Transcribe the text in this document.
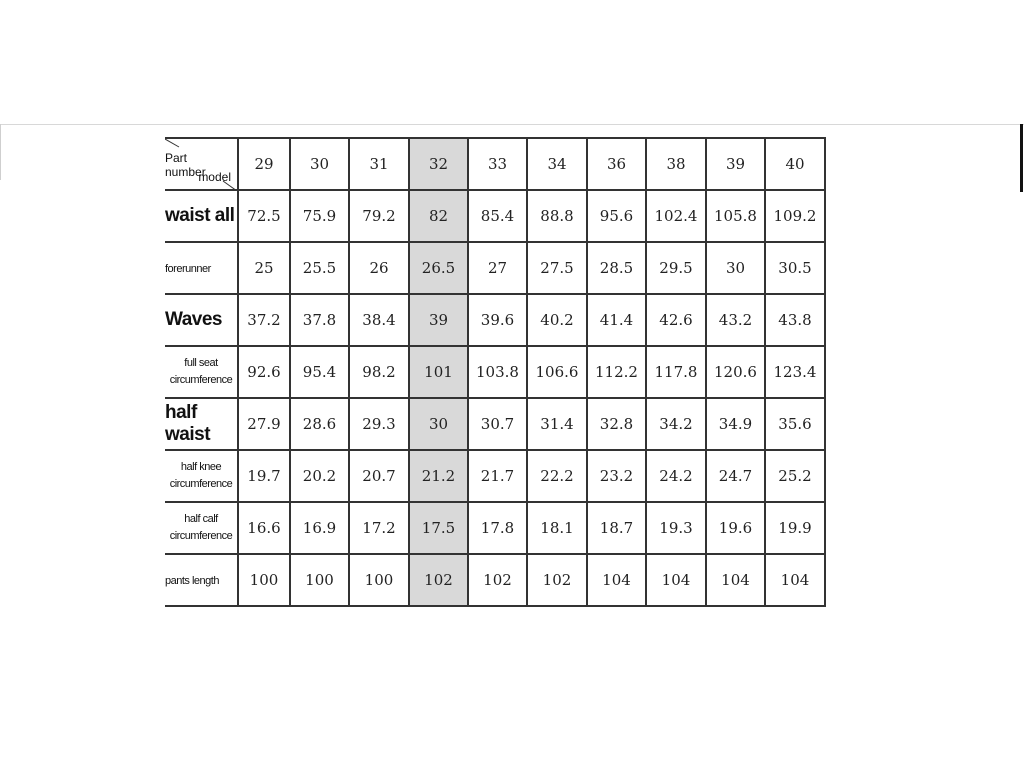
Part number
model	29	30	31	32	33	34	36	38	39	40
waist all	72.5	75.9	79.2	82	85.4	88.8	95.6	102.4	105.8	109.2
forerunner	25	25.5	26	26.5	27	27.5	28.5	29.5	30	30.5
Waves	37.2	37.8	38.4	39	39.6	40.2	41.4	42.6	43.2	43.8

full seat
circumference	92.6	95.4	98.2	101	103.8	106.6	112.2	117.8	120.6	123.4
half waist	27.9	28.6	29.3	30	30.7	31.4	32.8	34.2	34.9	35.6

half knee
circumference	19.7	20.2	20.7	21.2	21.7	22.2	23.2	24.2	24.7	25.2

half calf
circumference	16.6	16.9	17.2	17.5	17.8	18.1	18.7	19.3	19.6	19.9
pants length	100	100	100	102	102	102	104	104	104	104
